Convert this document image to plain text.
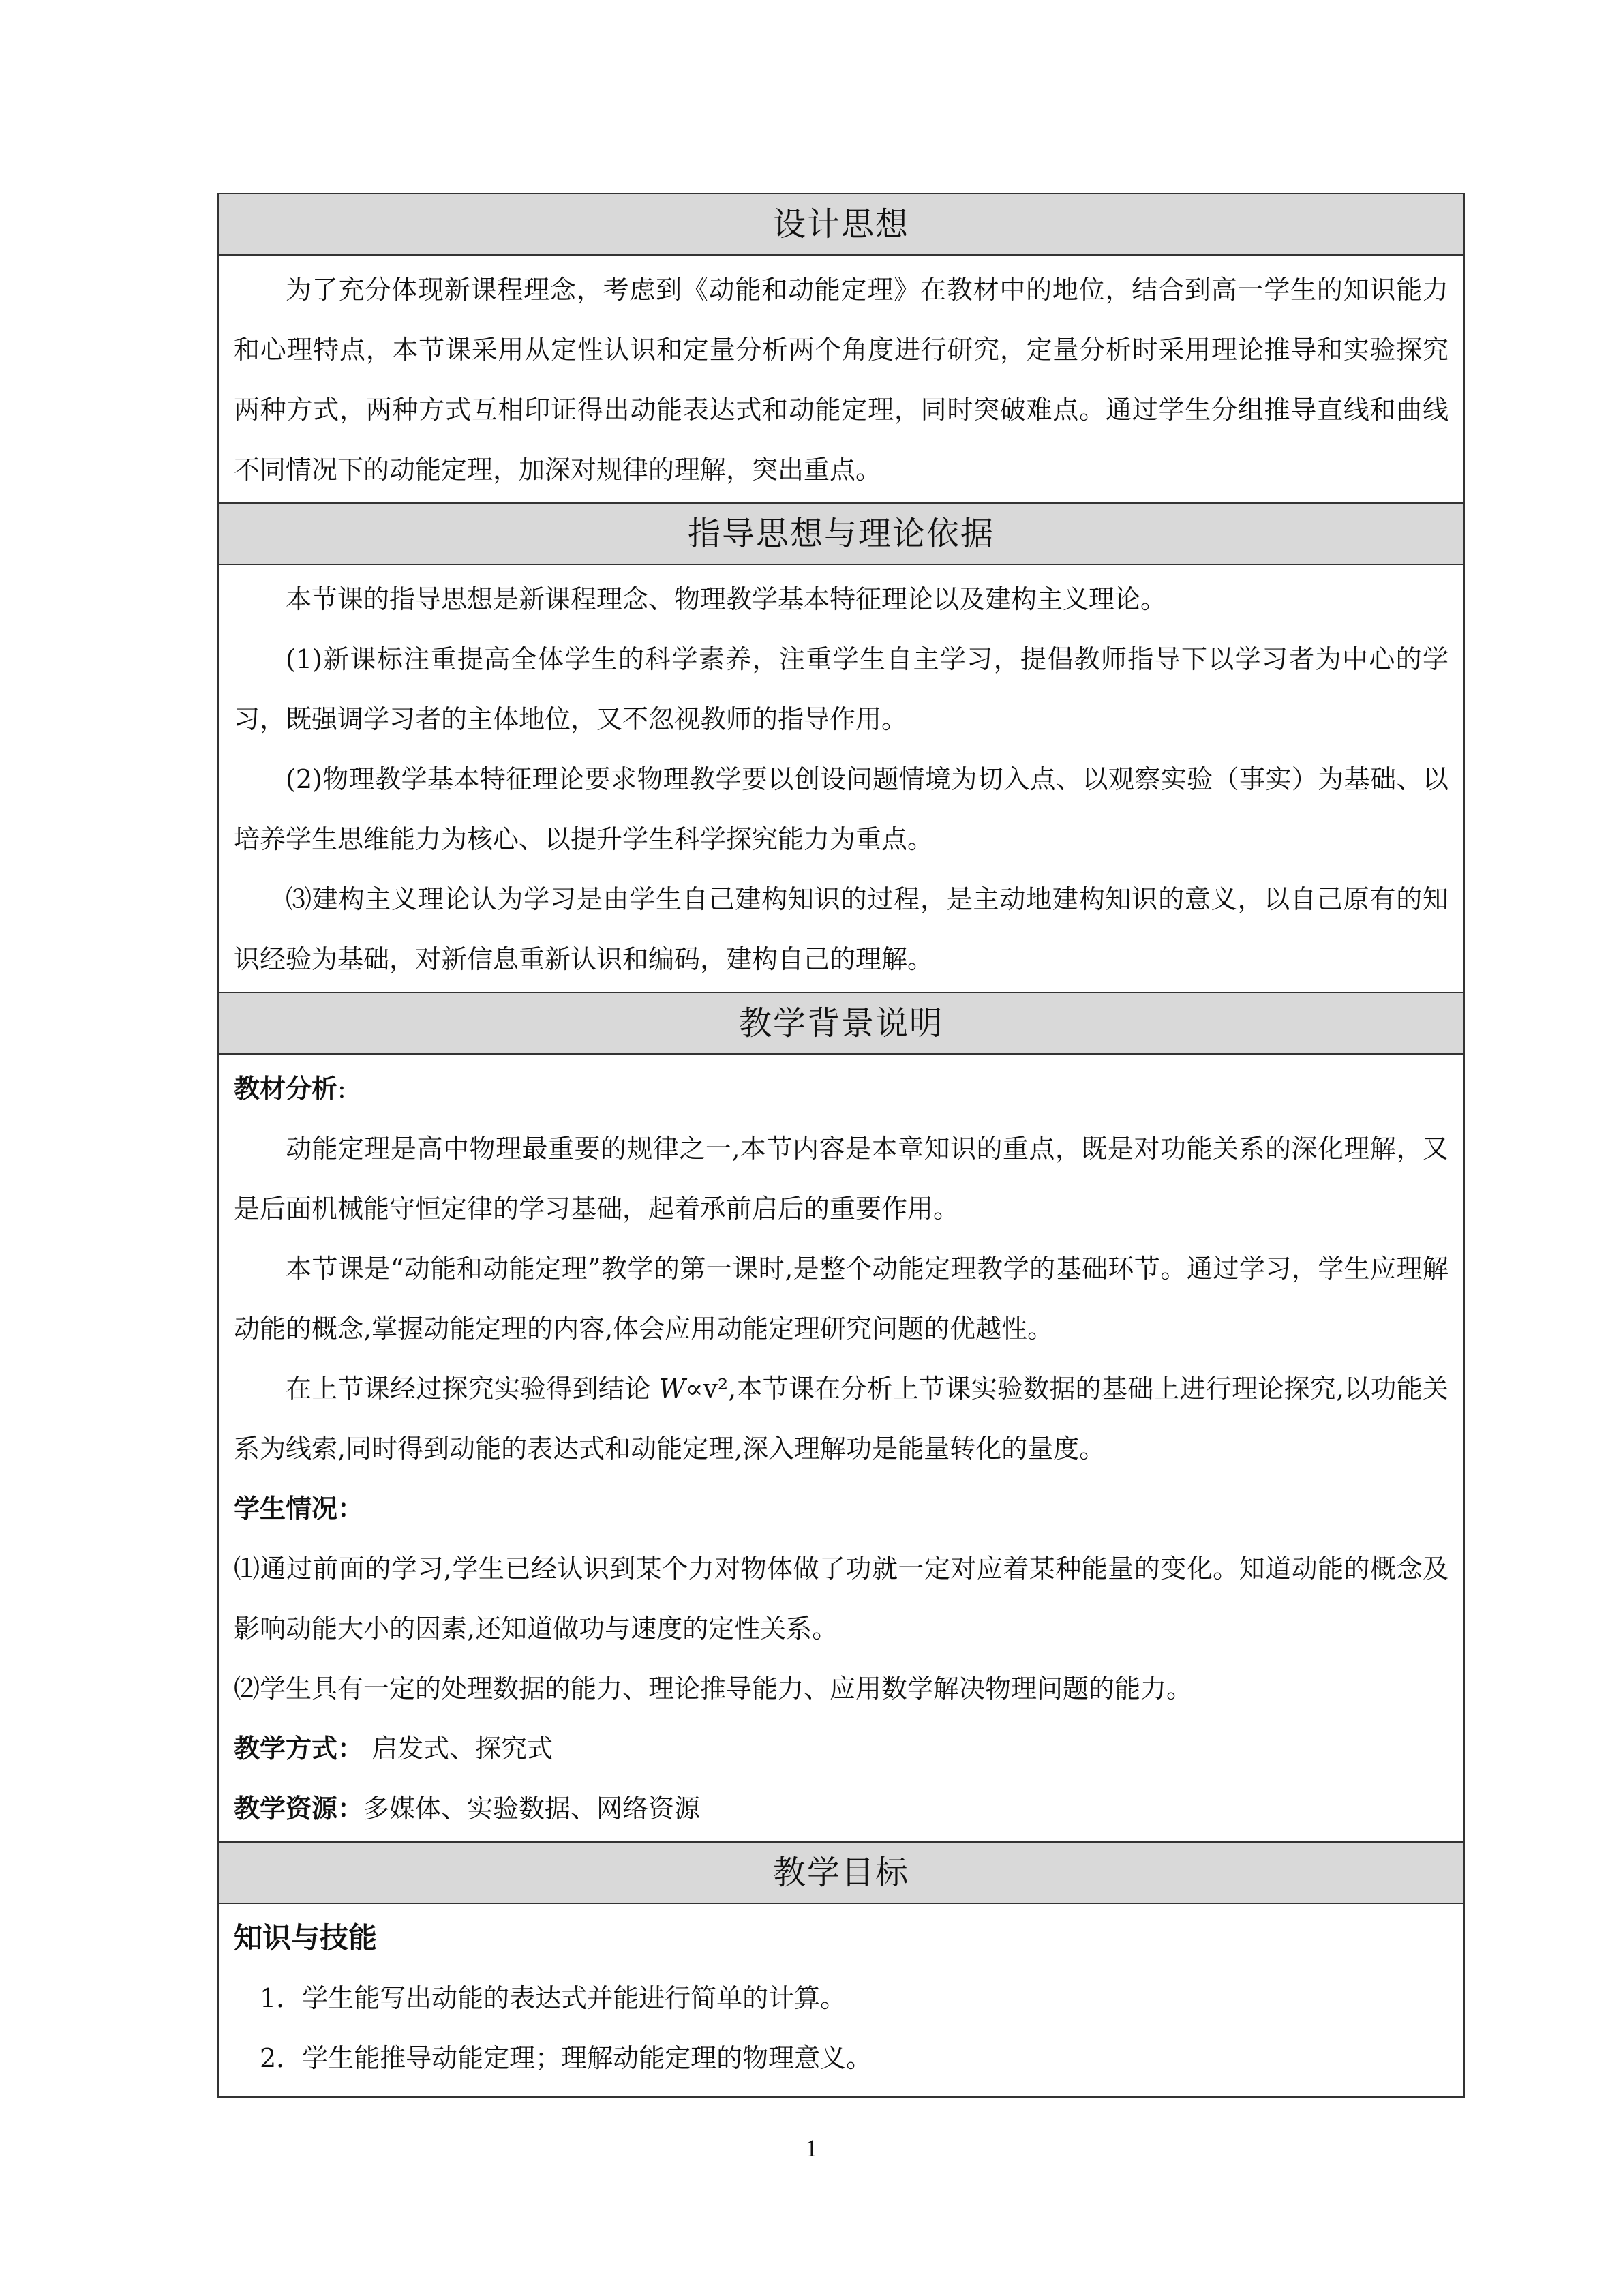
设计思想

为了充分体现新课程理念，考虑到《动能和动能定理》在教材中的地位，结合到高一学生的知识能力和心理特点，本节课采用从定性认识和定量分析两个角度进行研究，定量分析时采用理论推导和实验探究两种方式，两种方式互相印证得出动能表达式和动能定理，同时突破难点。通过学生分组推导直线和曲线不同情况下的动能定理，加深对规律的理解，突出重点。

指导思想与理论依据

本节课的指导思想是新课程理念、物理教学基本特征理论以及建构主义理论。

(1)新课标注重提高全体学生的科学素养，注重学生自主学习，提倡教师指导下以学习者为中心的学习，既强调学习者的主体地位，又不忽视教师的指导作用。

(2)物理教学基本特征理论要求物理教学要以创设问题情境为切入点、以观察实验（事实）为基础、以培养学生思维能力为核心、以提升学生科学探究能力为重点。

⑶建构主义理论认为学习是由学生自己建构知识的过程，是主动地建构知识的意义，以自己原有的知识经验为基础，对新信息重新认识和编码，建构自己的理解。

教学背景说明

教材分析:

动能定理是高中物理最重要的规律之一,本节内容是本章知识的重点，既是对功能关系的深化理解，又是后面机械能守恒定律的学习基础，起着承前启后的重要作用。

本节课是“动能和动能定理”教学的第一课时,是整个动能定理教学的基础环节。通过学习，学生应理解动能的概念,掌握动能定理的内容,体会应用动能定理研究问题的优越性。

在上节课经过探究实验得到结论 W∝v²,本节课在分析上节课实验数据的基础上进行理论探究,以功能关系为线索,同时得到动能的表达式和动能定理,深入理解功是能量转化的量度。

学生情况：

⑴通过前面的学习,学生已经认识到某个力对物体做了功就一定对应着某种能量的变化。知道动能的概念及影响动能大小的因素,还知道做功与速度的定性关系。

⑵学生具有一定的处理数据的能力、理论推导能力、应用数学解决物理问题的能力。

教学方式： 启发式、探究式

教学资源：多媒体、实验数据、网络资源

教学目标

知识与技能

1．学生能写出动能的表达式并能进行简单的计算。

2．学生能推导动能定理；理解动能定理的物理意义。

1
